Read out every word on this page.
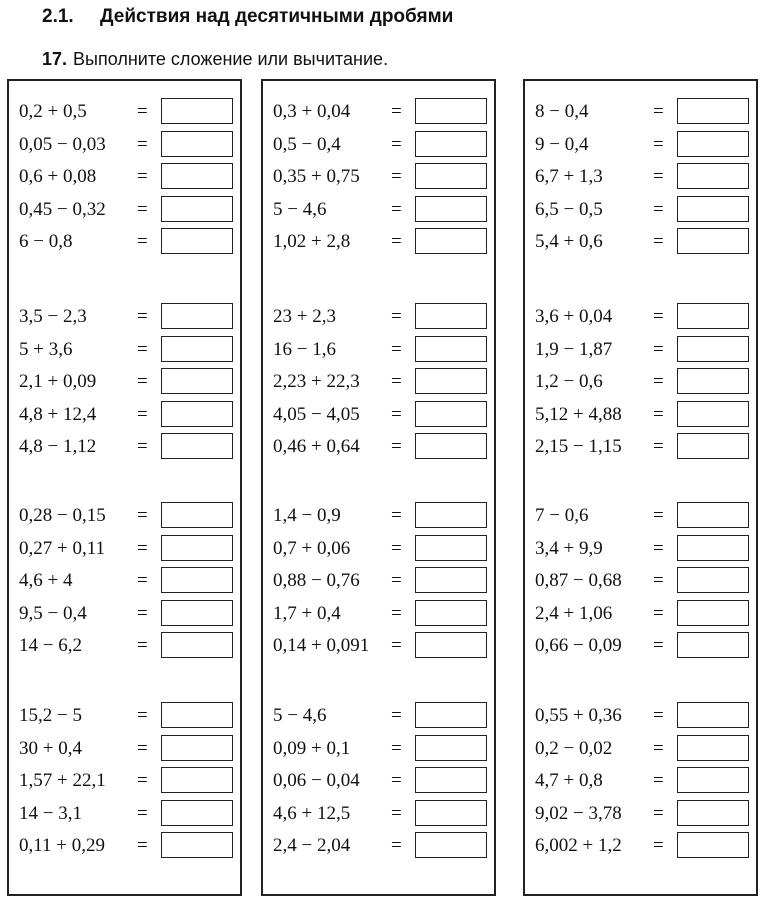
2.1. Действия над десятичными дробями
17. Выполните сложение или вычитание.
0,2 + 0,5	=
0,05 − 0,03 =
0,6 + 0,08 =
0,45 − 0,32 =
6 − 0,8	=
3,5 − 2,3	=
5 + 3,6	=
2,1 + 0,09 =
4,8 + 12,4 =
4,8 − 1,12 =
0,28 − 0,15 =
0,27 + 0,11 =
4,6 + 4	=
9,5 − 0,4	=
14 − 6,2	=
15,2 − 5	=
30 + 0,4	=
1,57 + 22,1 =
14 − 3,1	=
0,11 + 0,29 =
0,3 + 0,04 =
0,5 − 0,4	=
0,35 + 0,75 =
5 − 4,6	=
1,02 + 2,8 =
23 + 2,3	=
16 − 1,6	=
2,23 + 22,3 =
4,05 − 4,05 =
0,46 + 0,64 =
1,4 − 0,9	=
0,7 + 0,06 =
0,88 − 0,76 =
1,7 + 0,4	=
0,14 + 0,091 =
5 − 4,6	=
0,09 + 0,1 =
0,06 − 0,04 =
4,6 + 12,5 =
2,4 − 2,04 =
8 − 0,4	=
9 − 0,4	=
6,7 + 1,3	=
6,5 − 0,5	=
5,4 + 0,6	=
3,6 + 0,04 =
1,9 − 1,87 =
1,2 − 0,6	=
5,12 + 4,88 =
2,15 − 1,15 =
7 − 0,6	=
3,4 + 9,9	=
0,87 − 0,68 =
2,4 + 1,06 =
0,66 − 0,09 =
0,55 + 0,36 =
0,2 − 0,02 =
4,7 + 0,8	=
9,02 − 3,78 =
6,002 + 1,2 =
